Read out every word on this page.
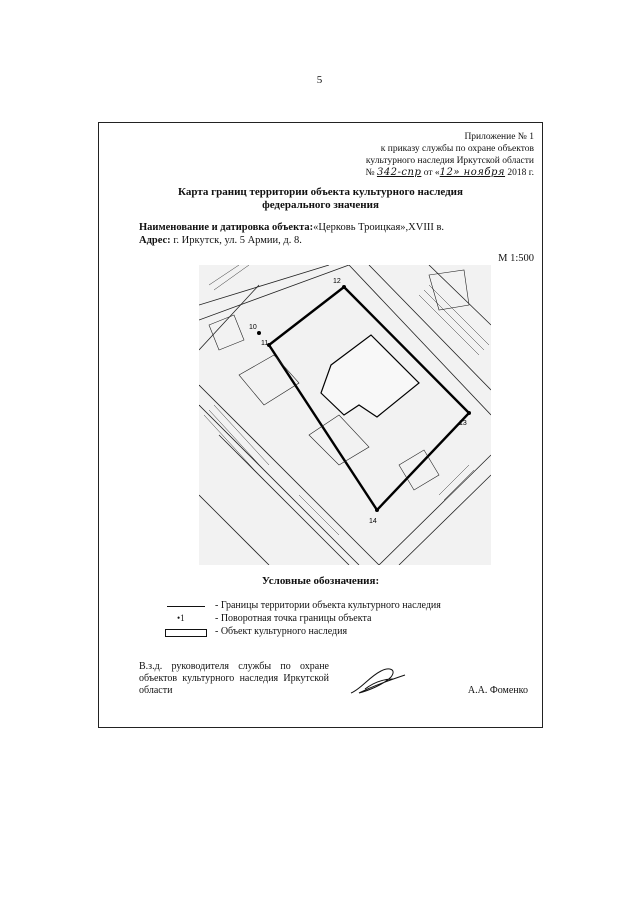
5
Приложение № 1
к приказу службы по охране объектов
культурного наследия Иркутской области
№ 342-спр от «12» ноября 2018 г.
Карта границ территории объекта культурного наследия
федерального значения
Наименование и датировка объекта:«Церковь Троицкая»,XVIII в.
Адрес: г. Иркутск, ул. 5 Армии, д. 8.
М 1:500
10
11
12
13
14
Условные обозначения:
- Границы территории объекта культурного наследия
•1	- Поворотная точка границы объекта
- Объект культурного наследия
В.з.д. руководителя службы по охране объектов культурного наследия Иркутской области	А.А. Фоменко
